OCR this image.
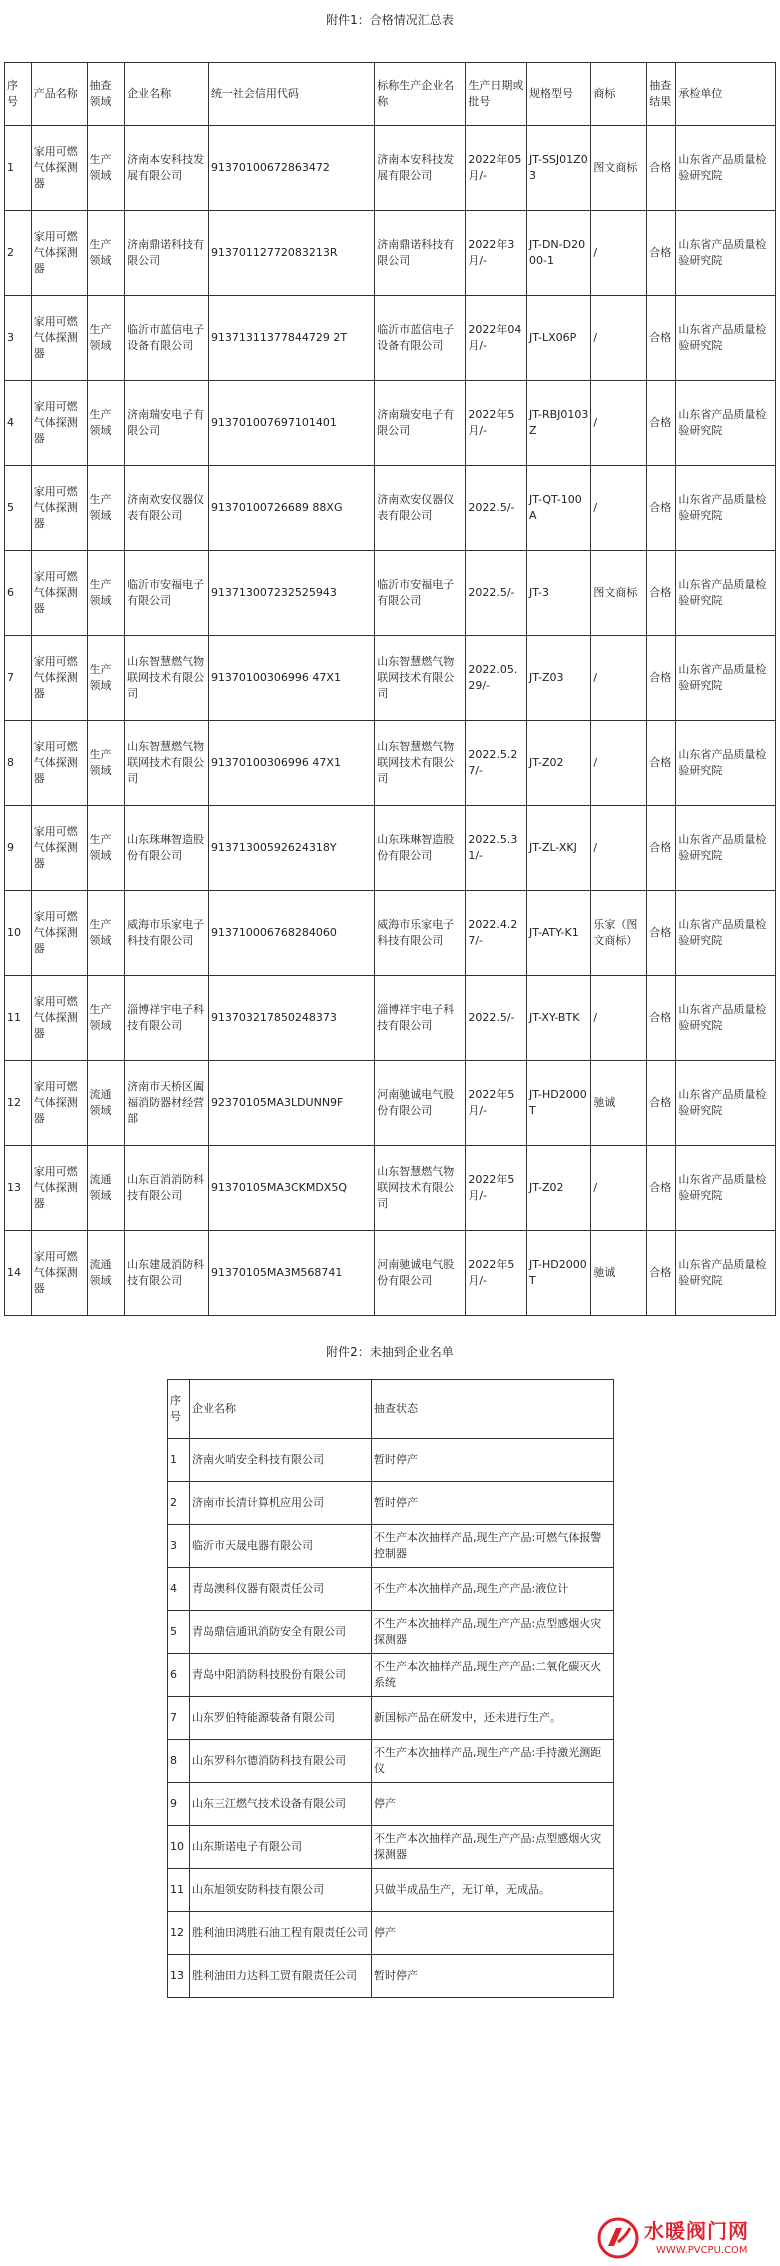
附件1：合格情况汇总表
序号	产品名称	抽查领域	企业名称	统一社会信用代码	标称生产企业名称	生产日期或批号	规格型号	商标	抽查结果	承检单位
1	家用可燃气体探测器	生产领域	济南本安科技发展有限公司	91370100672863472	济南本安科技发展有限公司	2022年05月/-	JT-SSJ01Z03	图文商标	合格	山东省产品质量检验研究院
2	家用可燃气体探测器	生产领域	济南鼎诺科技有限公司	91370112772083213R	济南鼎诺科技有限公司	2022年3月/-	JT-DN-D2000-1	/	合格	山东省产品质量检验研究院
3	家用可燃气体探测器	生产领域	临沂市蓝信电子设备有限公司	91371311377844729 2T	临沂市蓝信电子设备有限公司	2022年04月/-	JT-LX06P	/	合格	山东省产品质量检验研究院
4	家用可燃气体探测器	生产领域	济南瑞安电子有限公司	913701007697101401	济南瑞安电子有限公司	2022年5月/-	JT-RBJ0103Z	/	合格	山东省产品质量检验研究院
5	家用可燃气体探测器	生产领域	济南欢安仪器仪表有限公司	91370100726689 88XG	济南欢安仪器仪表有限公司	2022.5/-	JT-QT-100A	/	合格	山东省产品质量检验研究院
6	家用可燃气体探测器	生产领域	临沂市安福电子有限公司	913713007232525943	临沂市安福电子有限公司	2022.5/-	JT-3	图文商标	合格	山东省产品质量检验研究院
7	家用可燃气体探测器	生产领域	山东智慧燃气物联网技术有限公司	91370100306996 47X1	山东智慧燃气物联网技术有限公司	2022.05.29/-	JT-Z03	/	合格	山东省产品质量检验研究院
8	家用可燃气体探测器	生产领域	山东智慧燃气物联网技术有限公司	91370100306996 47X1	山东智慧燃气物联网技术有限公司	2022.5.27/-	JT-Z02	/	合格	山东省产品质量检验研究院
9	家用可燃气体探测器	生产领域	山东珠琳智造股份有限公司	91371300592624318Y	山东珠琳智造股份有限公司	2022.5.31/-	JT-ZL-XKJ	/	合格	山东省产品质量检验研究院
10	家用可燃气体探测器	生产领域	威海市乐家电子科技有限公司	913710006768284060	威海市乐家电子科技有限公司	2022.4.27/-	JT-ATY-K1	乐家（图文商标）	合格	山东省产品质量检验研究院
11	家用可燃气体探测器	生产领域	淄博祥宇电子科技有限公司	913703217850248373	淄博祥宇电子科技有限公司	2022.5/-	JT-XY-BTK	/	合格	山东省产品质量检验研究院
12	家用可燃气体探测器	流通领域	济南市天桥区阖福消防器材经营部	92370105MA3LDUNN9F	河南驰诚电气股份有限公司	2022年5月/-	JT-HD2000T	驰诚	合格	山东省产品质量检验研究院
13	家用可燃气体探测器	流通领域	山东百消消防科技有限公司	91370105MA3CKMDX5Q	山东智慧燃气物联网技术有限公司	2022年5月/-	JT-Z02	/	合格	山东省产品质量检验研究院
14	家用可燃气体探测器	流通领域	山东建晟消防科技有限公司	91370105MA3M568741	河南驰诚电气股份有限公司	2022年5月/-	JT-HD2000T	驰诚	合格	山东省产品质量检验研究院
附件2：未抽到企业名单
序号	企业名称	抽查状态
1	济南火哨安全科技有限公司	暂时停产
2	济南市长清计算机应用公司	暂时停产
3	临沂市天晟电器有限公司	不生产本次抽样产品,现生产产品:可燃气体报警控制器
4	青岛澳科仪器有限责任公司	不生产本次抽样产品,现生产产品:液位计
5	青岛鼎信通讯消防安全有限公司	不生产本次抽样产品,现生产产品:点型感烟火灾探测器
6	青岛中阳消防科技股份有限公司	不生产本次抽样产品,现生产产品:二氧化碳灭火系统
7	山东罗伯特能源装备有限公司	新国标产品在研发中，还未进行生产。
8	山东罗科尔德消防科技有限公司	不生产本次抽样产品,现生产产品:手持激光测距仪
9	山东三江燃气技术设备有限公司	停产
10	山东斯诺电子有限公司	不生产本次抽样产品,现生产产品:点型感烟火灾探测器
11	山东旭领安防科技有限公司	只做半成品生产，无订单，无成品。
12	胜利油田鸿胜石油工程有限责任公司	停产
13	胜利油田力达科工贸有限责任公司	暂时停产
水暖阀门网
WWW.PVCPU.COM
